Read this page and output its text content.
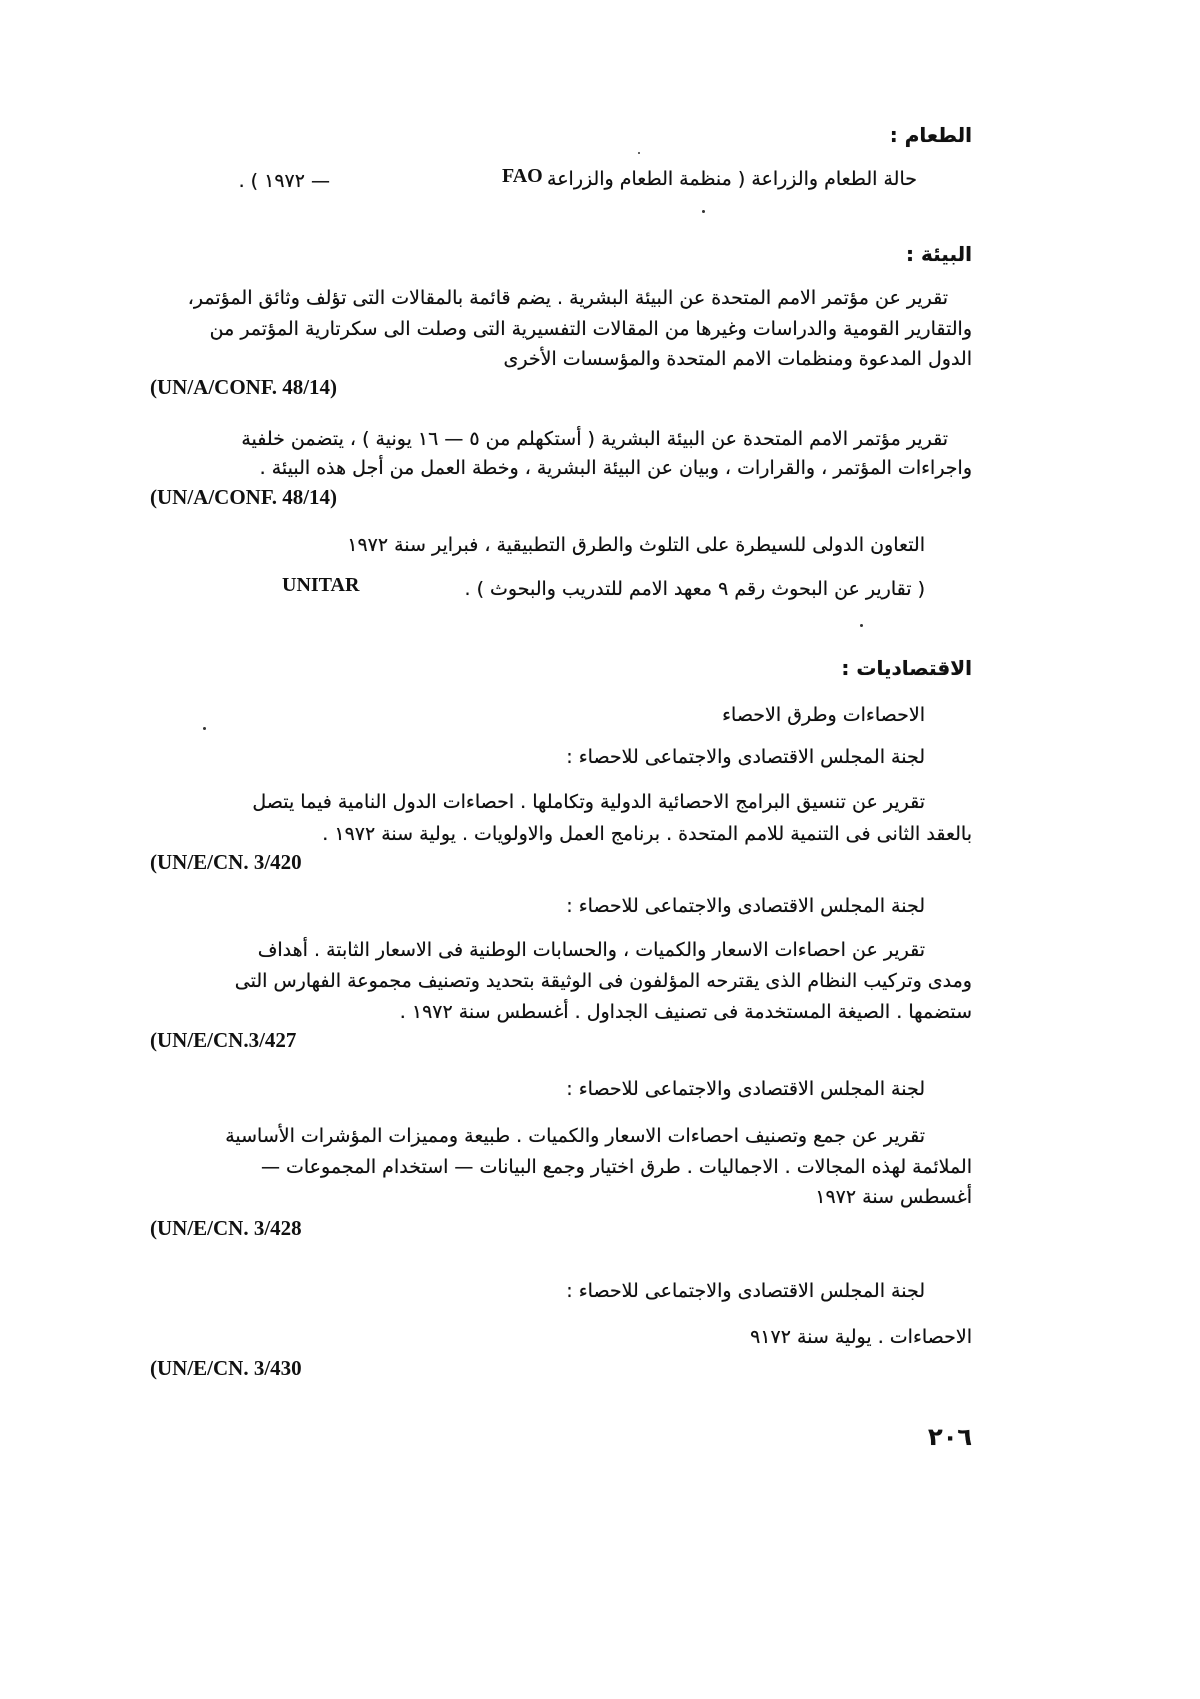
الطعام :
حالة الطعام والزراعة ( منظمة الطعام والزراعة
FAO
— ١٩٧٢ ) .
البيئة :
تقرير عن مؤتمر الامم المتحدة عن البيئة البشرية . يضم قائمة بالمقالات التى تؤلف وثائق المؤتمر،
والتقارير القومية والدراسات وغيرها من المقالات التفسيرية التى وصلت الى سكرتارية المؤتمر من
الدول المدعوة ومنظمات الامم المتحدة والمؤسسات الأخرى
(UN/A/CONF. 48/14)
تقرير مؤتمر الامم المتحدة عن البيئة البشرية ( أستكهلم من ٥ — ١٦ يونية ) ، يتضمن خلفية
واجراءات المؤتمر ، والقرارات ، وبيان عن البيئة البشرية ، وخطة العمل من أجل هذه البيئة .
(UN/A/CONF. 48/14)
التعاون الدولى للسيطرة على التلوث والطرق التطبيقية ، فبراير سنة ١٩٧٢
( تقارير عن البحوث رقم ٩ معهد الامم للتدريب والبحوث ) .
UNITAR
الاقتصاديات :
الاحصاءات وطرق الاحصاء
لجنة المجلس الاقتصادى والاجتماعى للاحصاء :
تقرير عن تنسيق البرامج الاحصائية الدولية وتكاملها . احصاءات الدول النامية فيما يتصل
بالعقد الثانى فى التنمية للامم المتحدة . برنامج العمل والاولويات . يولية سنة ١٩٧٢ .
(UN/E/CN. 3/420
لجنة المجلس الاقتصادى والاجتماعى للاحصاء :
تقرير عن احصاءات الاسعار والكميات ، والحسابات الوطنية فى الاسعار الثابتة . أهداف
ومدى وتركيب النظام الذى يقترحه المؤلفون فى الوثيقة بتحديد وتصنيف مجموعة الفهارس التى
ستضمها . الصيغة المستخدمة فى تصنيف الجداول . أغسطس سنة ١٩٧٢ .
(UN/E/CN.3/427
لجنة المجلس الاقتصادى والاجتماعى للاحصاء :
تقرير عن جمع وتصنيف احصاءات الاسعار والكميات . طبيعة ومميزات المؤشرات الأساسية
الملائمة لهذه المجالات . الاجماليات . طرق اختيار وجمع البيانات — استخدام المجموعات —
أغسطس سنة ١٩٧٢
(UN/E/CN. 3/428
لجنة المجلس الاقتصادى والاجتماعى للاحصاء :
الاحصاءات . يولية سنة ٩١٧٢
(UN/E/CN. 3/430
٢٠٦
